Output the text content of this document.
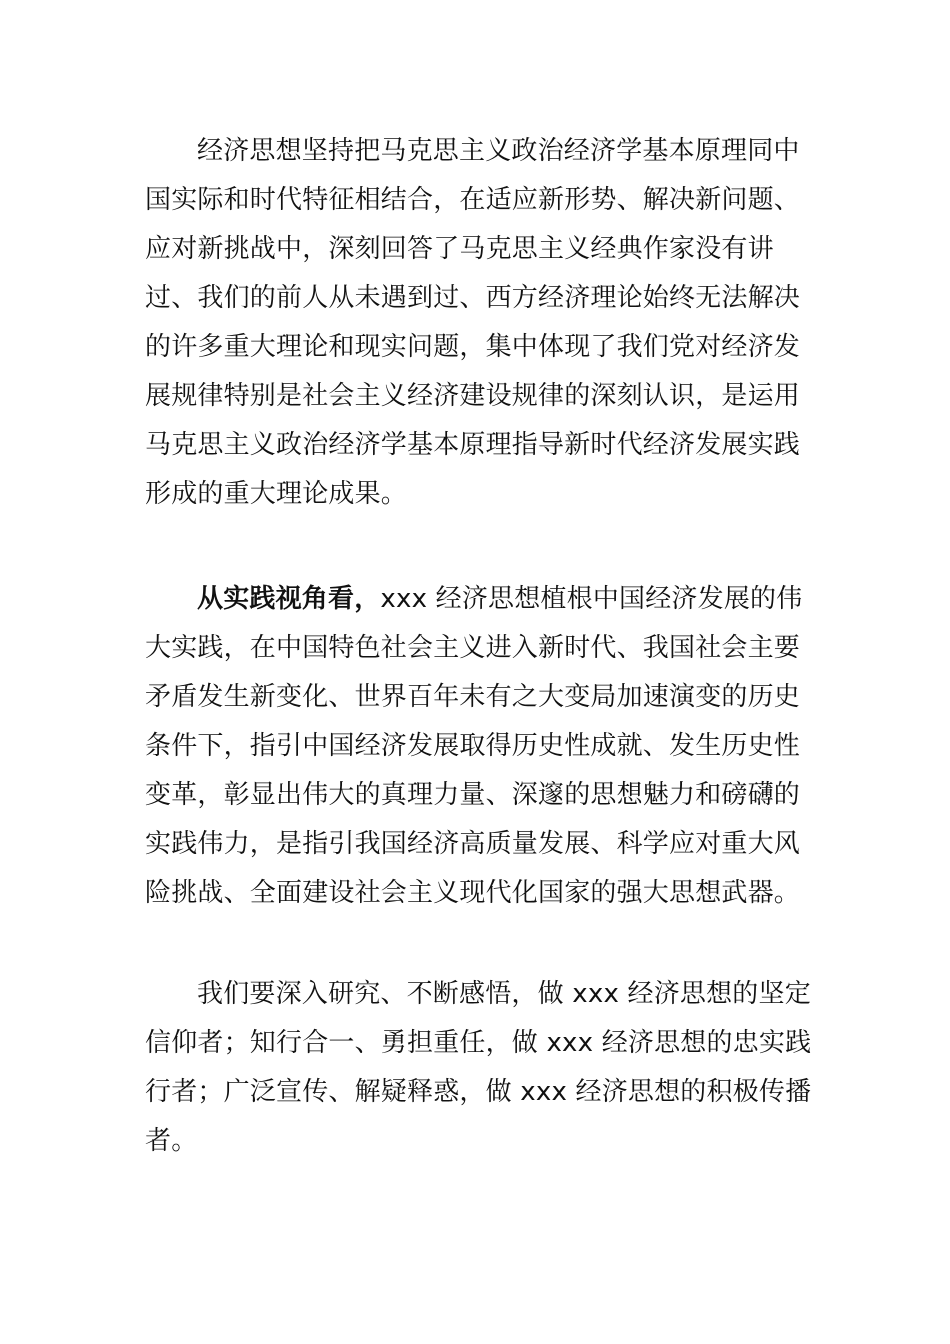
经济思想坚持把马克思主义政治经济学基本原理同中
国实际和时代特征相结合，在适应新形势、解决新问题、
应对新挑战中，深刻回答了马克思主义经典作家没有讲
过、我们的前人从未遇到过、西方经济理论始终无法解决
的许多重大理论和现实问题，集中体现了我们党对经济发
展规律特别是社会主义经济建设规律的深刻认识，是运用
马克思主义政治经济学基本原理指导新时代经济发展实践
形成的重大理论成果。
从实践视角看，xxx 经济思想植根中国经济发展的伟
大实践，在中国特色社会主义进入新时代、我国社会主要
矛盾发生新变化、世界百年未有之大变局加速演变的历史
条件下，指引中国经济发展取得历史性成就、发生历史性
变革，彰显出伟大的真理力量、深邃的思想魅力和磅礴的
实践伟力，是指引我国经济高质量发展、科学应对重大风
险挑战、全面建设社会主义现代化国家的强大思想武器。
我们要深入研究、不断感悟，做 xxx 经济思想的坚定
信仰者；知行合一、勇担重任，做 xxx 经济思想的忠实践
行者；广泛宣传、解疑释惑，做 xxx 经济思想的积极传播
者。
